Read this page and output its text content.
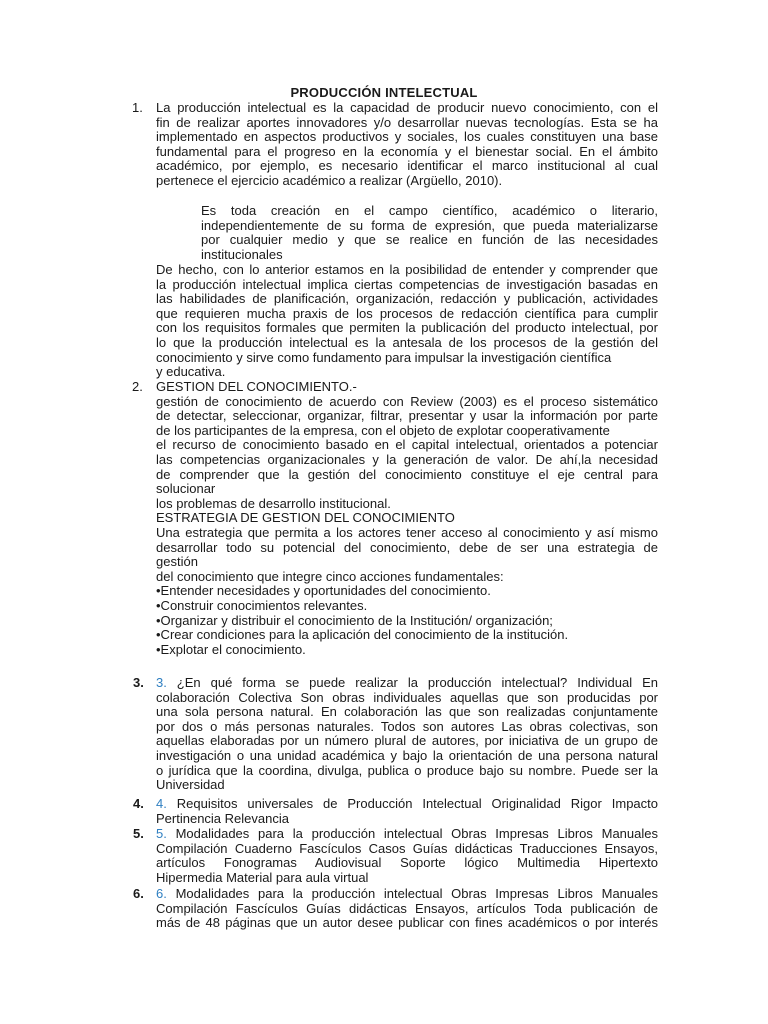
PRODUCCIÓN INTELECTUAL
1.	La producción intelectual es la capacidad de producir nuevo conocimiento, con el
fin de realizar aportes innovadores y/o desarrollar nuevas tecnologías. Esta se ha
implementado en aspectos productivos y sociales, los cuales constituyen una base
fundamental para el progreso en la economía y el bienestar social. En el ámbito
académico, por ejemplo, es necesario identificar el marco institucional al cual
pertenece el ejercicio académico a realizar (Argüello, 2010).
Es toda creación en el campo científico, académico o literario,
independientemente de su forma de expresión, que pueda materializarse
por cualquier medio y que se realice en función de las necesidades
institucionales
De hecho, con lo anterior estamos en la posibilidad de entender y comprender que
la producción intelectual implica ciertas competencias de investigación basadas en
las habilidades de planificación, organización, redacción y publicación, actividades
que requieren mucha praxis de los procesos de redacción científica para cumplir
con los requisitos formales que permiten la publicación del producto intelectual, por
lo que la producción intelectual es la antesala de los procesos de la gestión del
conocimiento y sirve como fundamento para impulsar la investigación científica
y educativa.
2.	GESTION DEL CONOCIMIENTO.-
gestión de conocimiento de acuerdo con Review (2003) es el proceso sistemático
de detectar, seleccionar, organizar, filtrar, presentar y usar la información por parte
de los participantes de la empresa, con el objeto de explotar cooperativamente
el recurso de conocimiento basado en el capital intelectual, orientados a potenciar
las competencias organizacionales y la generación de valor. De ahí,la necesidad
de comprender que la gestión del conocimiento constituye el eje central para
solucionar
los problemas de desarrollo institucional.
ESTRATEGIA DE GESTION DEL CONOCIMIENTO
Una estrategia que permita a los actores tener acceso al conocimiento y así mismo
desarrollar todo su potencial del conocimiento, debe de ser una estrategia de
gestión
del conocimiento que integre cinco acciones fundamentales:
•Entender necesidades y oportunidades del conocimiento.
•Construir conocimientos relevantes.
•Organizar y distribuir el conocimiento de la Institución/ organización;
•Crear condiciones para la aplicación del conocimiento de la institución.
•Explotar el conocimiento.
3. 3. ¿En qué forma se puede realizar la producción intelectual? Individual En
colaboración Colectiva Son obras individuales aquellas que son producidas por
una sola persona natural. En colaboración las que son realizadas conjuntamente
por dos o más personas naturales. Todos son autores Las obras colectivas, son
aquellas elaboradas por un número plural de autores, por iniciativa de un grupo de
investigación o una unidad académica y bajo la orientación de una persona natural
o jurídica que la coordina, divulga, publica o produce bajo su nombre. Puede ser la
Universidad
4. 4. Requisitos universales de Producción Intelectual Originalidad Rigor Impacto
Pertinencia Relevancia
5. 5. Modalidades para la producción intelectual Obras Impresas Libros Manuales
Compilación Cuaderno Fascículos Casos Guías didácticas Traducciones Ensayos,
artículos Fonogramas Audiovisual Soporte lógico Multimedia Hipertexto
Hipermedia Material para aula virtual
6. 6. Modalidades para la producción intelectual Obras Impresas Libros Manuales
Compilación Fascículos Guías didácticas Ensayos, artículos Toda publicación de
más de 48 páginas que un autor desee publicar con fines académicos o por interés
